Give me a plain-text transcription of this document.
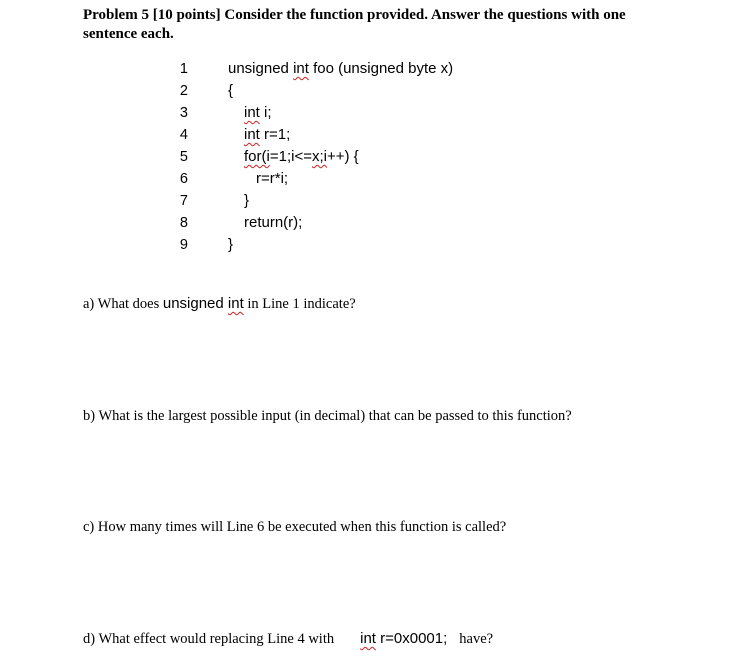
Problem 5 [10 points] Consider the function provided. Answer the questions with one sentence each.
1
2
3
4
5
6
7
8
9
unsigned int foo (unsigned byte x)
{
int i;
int r=1;
for(i=1;i<=x;i++) {
r=r*i;
}
return(r);
}
a) What does unsigned int in Line 1 indicate?
b) What is the largest possible input (in decimal) that can be passed to this function?
c) How many times will Line 6 be executed when this function is called?
d) What effect would replacing Line 4 with int r=0x0001; have?
